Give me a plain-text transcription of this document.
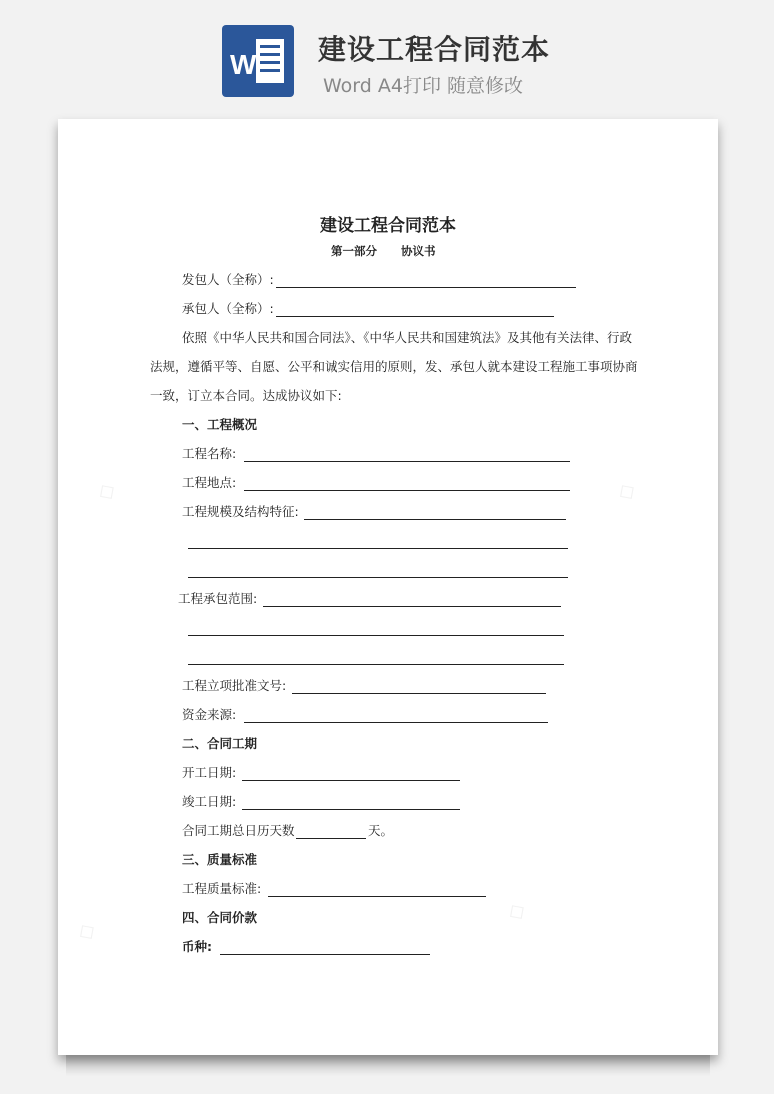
W 建设工程合同范本
Word A4打印 随意修改
◇	◇
◇
◇
建设工程合同范本
第一部分      协议书
发包人（全称）:
承包人（全称）:
依照《中华人民共和国合同法》、《中华人民共和国建筑法》及其他有关法律、行政
法规，遵循平等、自愿、公平和诚实信用的原则，发、承包人就本建设工程施工事项协商
一致，订立本合同。达成协议如下:
一、工程概况
工程名称:
工程地点:
工程规模及结构特征:
工程承包范围:
工程立项批准文号:
资金来源:
二、合同工期
开工日期:
竣工日期:
合同工期总日历天数	天。
三、质量标准
工程质量标准:
四、合同价款
币种:
